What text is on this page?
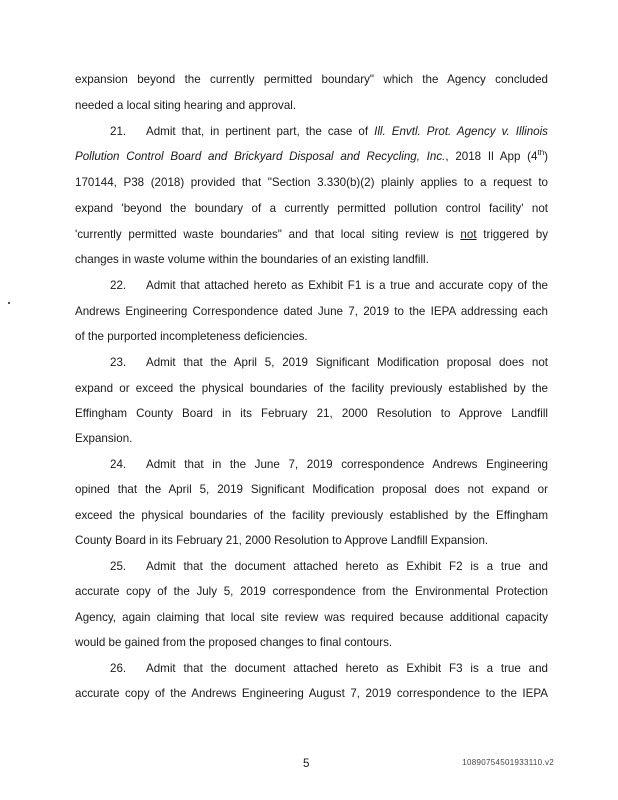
expansion beyond the currently permitted boundary" which the Agency concluded
needed a local siting hearing and approval.
21. Admit that, in pertinent part, the case of Ill. Envtl. Prot. Agency v. Illinois
Pollution Control Board and Brickyard Disposal and Recycling, Inc., 2018 Il App (4th)
170144, P38 (2018) provided that "Section 3.330(b)(2) plainly applies to a request to
expand 'beyond the boundary of a currently permitted pollution control facility' not
'currently permitted waste boundaries" and that local siting review is not triggered by
changes in waste volume within the boundaries of an existing landfill.
22. Admit that attached hereto as Exhibit F1 is a true and accurate copy of the
Andrews Engineering Correspondence dated June 7, 2019 to the IEPA addressing each
of the purported incompleteness deficiencies.
23. Admit that the April 5, 2019 Significant Modification proposal does not
expand or exceed the physical boundaries of the facility previously established by the
Effingham County Board in its February 21, 2000 Resolution to Approve Landfill
Expansion.
24. Admit that in the June 7, 2019 correspondence Andrews Engineering
opined that the April 5, 2019 Significant Modification proposal does not expand or
exceed the physical boundaries of the facility previously established by the Effingham
County Board in its February 21, 2000 Resolution to Approve Landfill Expansion.
25. Admit that the document attached hereto as Exhibit F2 is a true and
accurate copy of the July 5, 2019 correspondence from the Environmental Protection
Agency, again claiming that local site review was required because additional capacity
would be gained from the proposed changes to final contours.
26. Admit that the document attached hereto as Exhibit F3 is a true and
accurate copy of the Andrews Engineering August 7, 2019 correspondence to the IEPA
5	10890754501933110.v2
